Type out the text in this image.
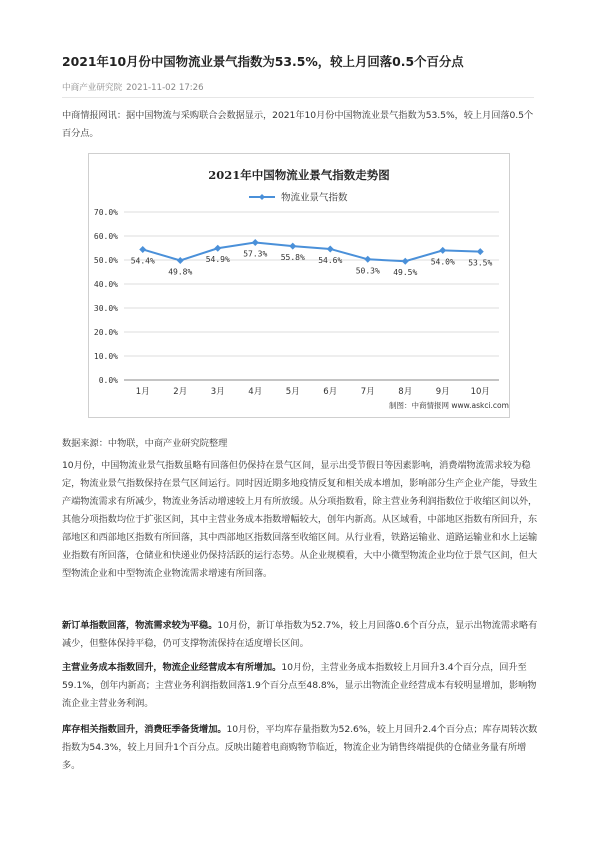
2021年10月份中国物流业景气指数为53.5%，较上月回落0.5个百分点
中商产业研究院 2021-11-02 17:26

中商情报网讯：据中国物流与采购联合会数据显示，2021年10月份中国物流业景气指数为53.5%，较上月回落0.5个百分点。

2021年中国物流业景气指数走势图
物流业景气指数
0.0%
10.0%
20.0%
30.0%
40.0%
50.0%
60.0%
70.0%
1月	2月	3月	4月	5月	6月	7月	8月	9月 10月
54.4%
49.8%
54.9%
57.3% 55.8% 54.6%
50.3% 49.5%
54.0% 53.5%
制图：中商情报网 www.askci.com
数据来源：中物联，中商产业研究院整理

10月份，中国物流业景气指数虽略有回落但仍保持在景气区间，显示出受节假日等因素影响，消费端物流需求较为稳定，物流业景气指数保持在景气区间运行。同时因近期多地疫情反复和相关成本增加，影响部分生产企业产能，导致生产端物流需求有所减少，物流业务活动增速较上月有所放缓。从分项指数看，除主营业务利润指数位于收缩区间以外，其他分项指数均位于扩张区间，其中主营业务成本指数增幅较大，创年内新高。从区域看，中部地区指数有所回升，东部地区和西部地区指数有所回落，其中西部地区指数回落至收缩区间。从行业看，铁路运输业、道路运输业和水上运输业指数有所回落，仓储业和快递业仍保持活跃的运行态势。从企业规模看，大中小微型物流企业均位于景气区间，但大型物流企业和中型物流企业物流需求增速有所回落。

新订单指数回落，物流需求较为平稳。10月份，新订单指数为52.7%，较上月回落0.6个百分点，显示出物流需求略有减少，但整体保持平稳，仍可支撑物流保持在适度增长区间。

主营业务成本指数回升，物流企业经营成本有所增加。10月份，主营业务成本指数较上月回升3.4个百分点，回升至59.1%，创年内新高；主营业务利润指数回落1.9个百分点至48.8%，显示出物流企业经营成本有较明显增加，影响物流企业主营业务利润。

库存相关指数回升，消费旺季备货增加。10月份，平均库存量指数为52.6%，较上月回升2.4个百分点；库存周转次数指数为54.3%，较上月回升1个百分点。反映出随着电商购物节临近，物流企业为销售终端提供的仓储业务量有所增多。
